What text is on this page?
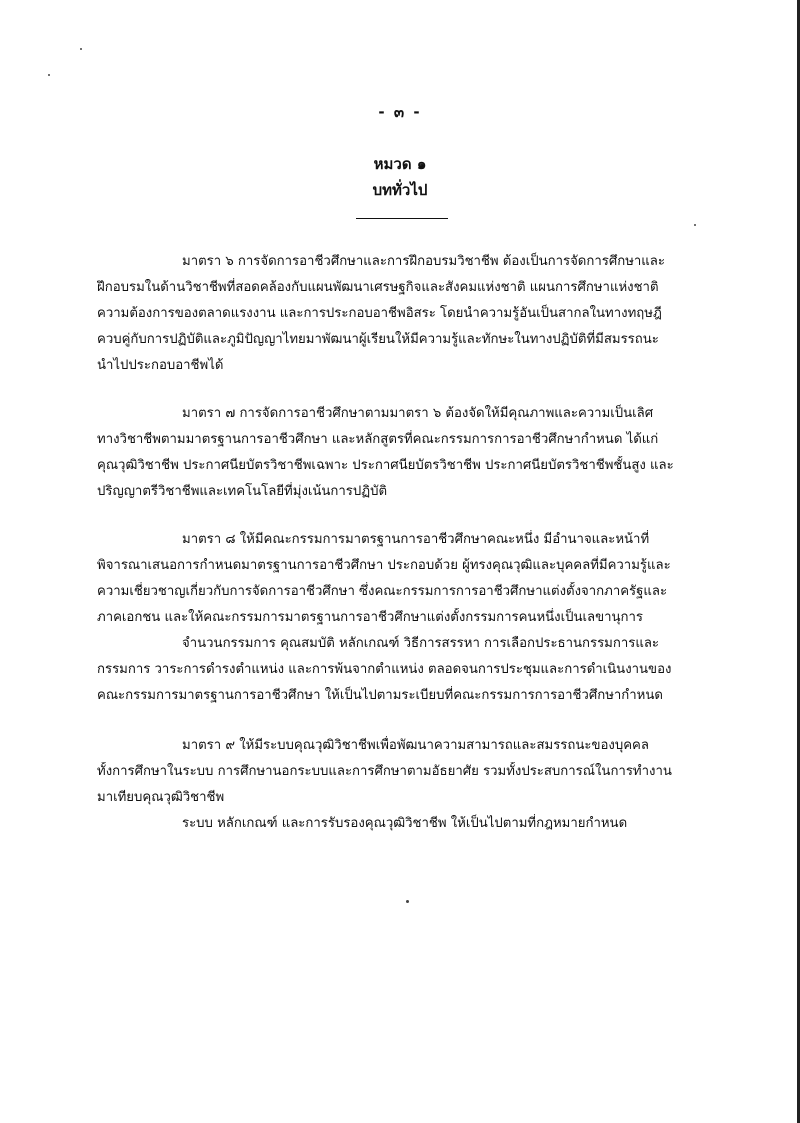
- ๓ -
หมวด ๑
บททั่วไป
มาตรา ๖ การจัดการอาชีวศึกษาและการฝึกอบรมวิชาชีพ ต้องเป็นการจัดการศึกษาและ
ฝึกอบรมในด้านวิชาชีพที่สอดคล้องกับแผนพัฒนาเศรษฐกิจและสังคมแห่งชาติ แผนการศึกษาแห่งชาติ
ความต้องการของตลาดแรงงาน และการประกอบอาชีพอิสระ โดยนำความรู้อันเป็นสากลในทางทฤษฎี
ควบคู่กับการปฏิบัติและภูมิปัญญาไทยมาพัฒนาผู้เรียนให้มีความรู้และทักษะในทางปฏิบัติที่มีสมรรถนะ
นำไปประกอบอาชีพได้
มาตรา ๗ การจัดการอาชีวศึกษาตามมาตรา ๖ ต้องจัดให้มีคุณภาพและความเป็นเลิศ
ทางวิชาชีพตามมาตรฐานการอาชีวศึกษา และหลักสูตรที่คณะกรรมการการอาชีวศึกษากำหนด ได้แก่
คุณวุฒิวิชาชีพ ประกาศนียบัตรวิชาชีพเฉพาะ ประกาศนียบัตรวิชาชีพ ประกาศนียบัตรวิชาชีพชั้นสูง และ
ปริญญาตรีวิชาชีพและเทคโนโลยีที่มุ่งเน้นการปฏิบัติ
มาตรา ๘ ให้มีคณะกรรมการมาตรฐานการอาชีวศึกษาคณะหนึ่ง มีอำนาจและหน้าที่
พิจารณาเสนอการกำหนดมาตรฐานการอาชีวศึกษา ประกอบด้วย ผู้ทรงคุณวุฒิและบุคคลที่มีความรู้และ
ความเชี่ยวชาญเกี่ยวกับการจัดการอาชีวศึกษา ซึ่งคณะกรรมการการอาชีวศึกษาแต่งตั้งจากภาครัฐและ
ภาคเอกชน และให้คณะกรรมการมาตรฐานการอาชีวศึกษาแต่งตั้งกรรมการคนหนึ่งเป็นเลขานุการ
จำนวนกรรมการ คุณสมบัติ หลักเกณฑ์ วิธีการสรรหา การเลือกประธานกรรมการและ
กรรมการ วาระการดำรงตำแหน่ง และการพ้นจากตำแหน่ง ตลอดจนการประชุมและการดำเนินงานของ
คณะกรรมการมาตรฐานการอาชีวศึกษา ให้เป็นไปตามระเบียบที่คณะกรรมการการอาชีวศึกษากำหนด
มาตรา ๙ ให้มีระบบคุณวุฒิวิชาชีพเพื่อพัฒนาความสามารถและสมรรถนะของบุคคล
ทั้งการศึกษาในระบบ การศึกษานอกระบบและการศึกษาตามอัธยาศัย รวมทั้งประสบการณ์ในการทำงาน
มาเทียบคุณวุฒิวิชาชีพ
ระบบ หลักเกณฑ์ และการรับรองคุณวุฒิวิชาชีพ ให้เป็นไปตามที่กฎหมายกำหนด
